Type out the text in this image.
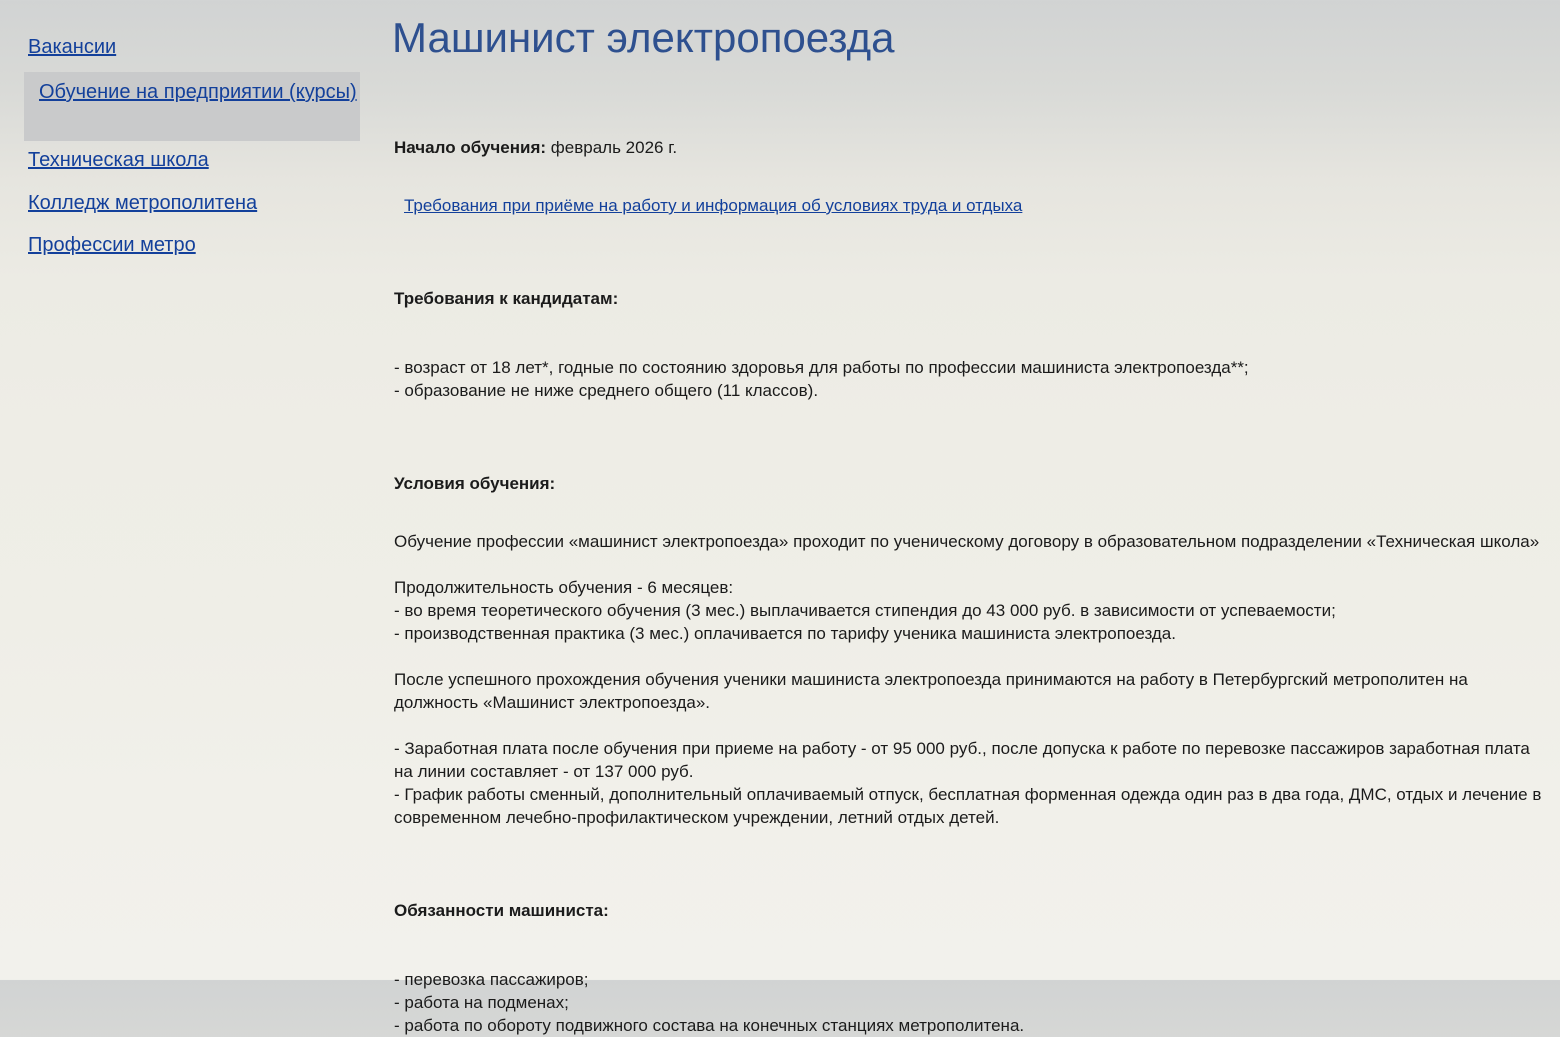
Вакансии
Обучение на предприятии (курсы)
Техническая школа
Колледж метрополитена
Профессии метро
Машинист электропоезда

Начало обучения: февраль 2026 г.

Требования при приёме на работу и информация об условиях труда и отдыха

Требования к кандидатам:

- возраст от 18 лет*, годные по состоянию здоровья для работы по профессии машиниста электропоезда**;

- образование не ниже среднего общего (11 классов).

Условия обучения:

Обучение профессии «машинист электропоезда» проходит по ученическому договору в образовательном подразделении «Техническая школа»

Продолжительность обучения - 6 месяцев:

- во время теоретического обучения (3 мес.) выплачивается стипендия до 43 000 руб. в зависимости от успеваемости;

- производственная практика (3 мес.) оплачивается по тарифу ученика машиниста электропоезда.

После успешного прохождения обучения ученики машиниста электропоезда принимаются на работу в Петербургский метрополитен на должность «Машинист электропоезда».

- Заработная плата после обучения при приеме на работу - от 95 000 руб., после допуска к работе по перевозке пассажиров заработная плата на линии составляет - от 137 000 руб.

- График работы сменный, дополнительный оплачиваемый отпуск, бесплатная форменная одежда один раз в два года, ДМС, отдых и лечение в современном лечебно-профилактическом учреждении, летний отдых детей.

Обязанности машиниста:

- перевозка пассажиров;

- работа на подменах;

- работа по обороту подвижного состава на конечных станциях метрополитена.
